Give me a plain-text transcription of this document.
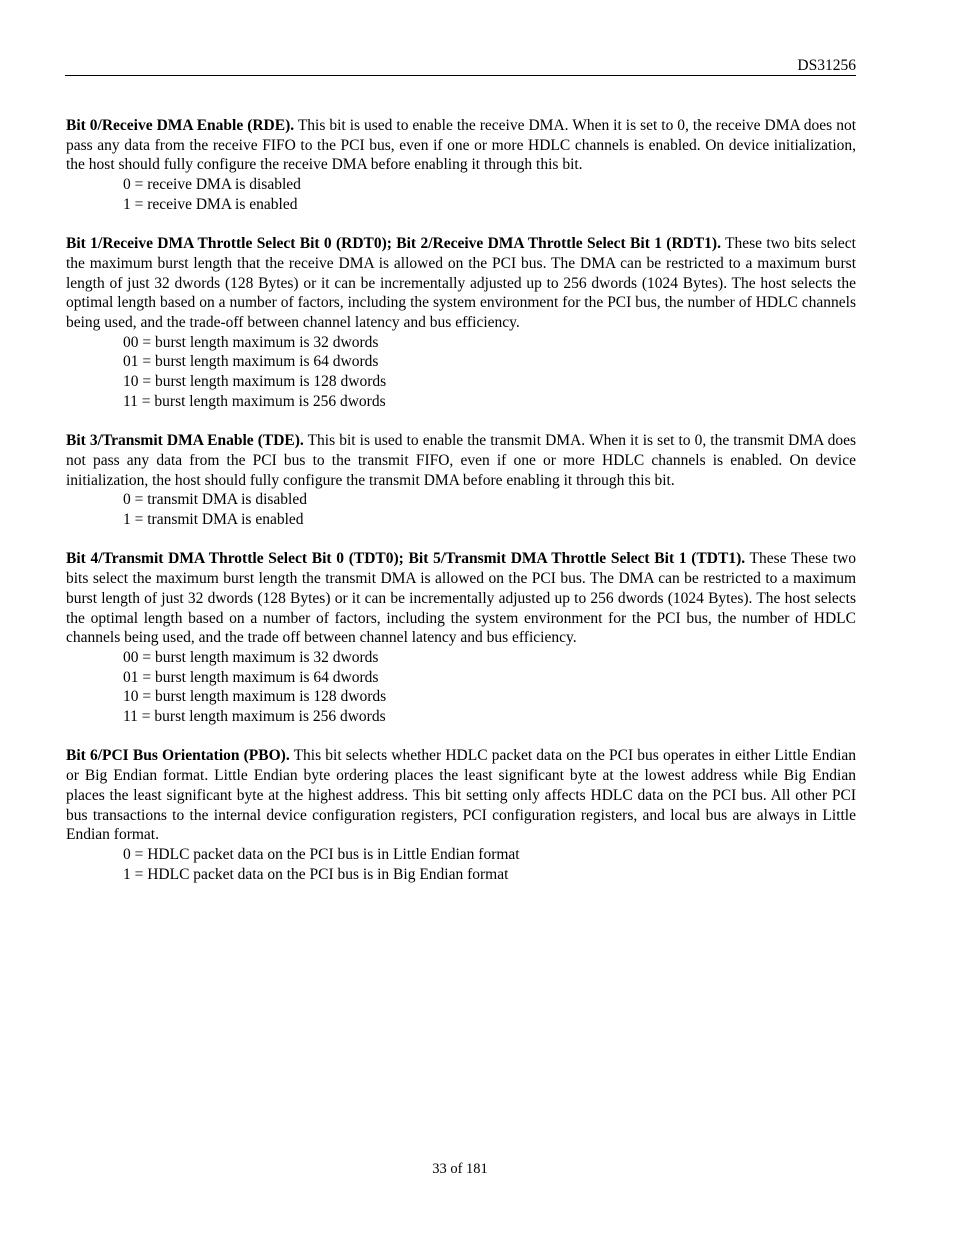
DS31256

Bit 0/Receive DMA Enable (RDE). This bit is used to enable the receive DMA. When it is set to 0, the receive DMA does not pass any data from the receive FIFO to the PCI bus, even if one or more HDLC channels is enabled. On device initialization, the host should fully configure the receive DMA before enabling it through this bit.

0 = receive DMA is disabled
1 = receive DMA is enabled

Bit 1/Receive DMA Throttle Select Bit 0 (RDT0); Bit 2/Receive DMA Throttle Select Bit 1 (RDT1). These two bits select the maximum burst length that the receive DMA is allowed on the PCI bus. The DMA can be restricted to a maximum burst length of just 32 dwords (128 Bytes) or it can be incrementally adjusted up to 256 dwords (1024 Bytes). The host selects the optimal length based on a number of factors, including the system environment for the PCI bus, the number of HDLC channels being used, and the trade-off between channel latency and bus efficiency.

00 = burst length maximum is 32 dwords
01 = burst length maximum is 64 dwords
10 = burst length maximum is 128 dwords
11 = burst length maximum is 256 dwords

Bit 3/Transmit DMA Enable (TDE). This bit is used to enable the transmit DMA. When it is set to 0, the transmit DMA does not pass any data from the PCI bus to the transmit FIFO, even if one or more HDLC channels is enabled. On device initialization, the host should fully configure the transmit DMA before enabling it through this bit.

0 = transmit DMA is disabled
1 = transmit DMA is enabled

Bit 4/Transmit DMA Throttle Select Bit 0 (TDT0); Bit 5/Transmit DMA Throttle Select Bit 1 (TDT1). These These two bits select the maximum burst length the transmit DMA is allowed on the PCI bus. The DMA can be restricted to a maximum burst length of just 32 dwords (128 Bytes) or it can be incrementally adjusted up to 256 dwords (1024 Bytes). The host selects the optimal length based on a number of factors, including the system environment for the PCI bus, the number of HDLC channels being used, and the trade off between channel latency and bus efficiency.

00 = burst length maximum is 32 dwords
01 = burst length maximum is 64 dwords
10 = burst length maximum is 128 dwords
11 = burst length maximum is 256 dwords

Bit 6/PCI Bus Orientation (PBO). This bit selects whether HDLC packet data on the PCI bus operates in either Little Endian or Big Endian format. Little Endian byte ordering places the least significant byte at the lowest address while Big Endian places the least significant byte at the highest address. This bit setting only affects HDLC data on the PCI bus. All other PCI bus transactions to the internal device configuration registers, PCI configuration registers, and local bus are always in Little Endian format.

0 = HDLC packet data on the PCI bus is in Little Endian format
1 = HDLC packet data on the PCI bus is in Big Endian format
33 of 181
